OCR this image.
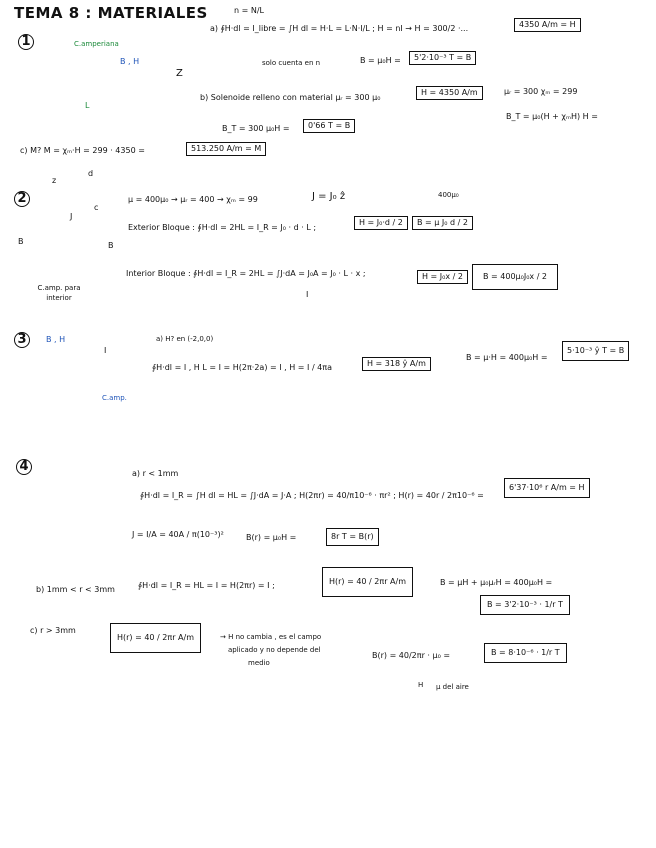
TEMA 8 : MATERIALES
1	C.amperiana
B , H
Z
L
n = N/L
a) ∮H·dl = I_libre = ∫H dl = H·L = L·N·I/L ; H = nI → H = 300/2 ·...	4350 A/m = H
solo cuenta en n	B = μ₀H =	5'2·10⁻³ T = B
b) Solenoide relleno con material μᵣ = 300 μ₀
H = 4350 A/m	μᵣ = 300 χₘ = 299
B_T = μ₀(H + χₘH) H =
B_T = 300 μ₀H =	0'66 T = B
c) M? M = χₘ·H = 299 · 4350 =	513.250 A/m = M
2
z
d
c
J
B	B
C.amp. para interior
μ = 400μ₀ → μᵣ = 400 → χₘ = 99	J = J₀ ẑ	400μ₀
Exterior Bloque : ∮H·dl = 2HL = I_R = J₀ · d · L ;
H = J₀·d / 2	B = μ J₀ d / 2
Interior Bloque : ∮H·dl = I_R = 2HL = ∫J·dA = J₀A = J₀ · L · x ;
I
H = J₀x / 2	B = 400μ₀J₀x / 2
3	B , H
I
C.amp.
a) H? en (-2,0,0)
∮H·dl = I , H L = I = H(2π·2a) = I , H = I / 4πa	H = 318 ŷ A/m
B = μ·H = 400μ₀H =
5·10⁻³ ŷ T = B
4	a) r < 1mm
∮H·dl = I_R = ∫H dl = HL = ∫J·dA = J·A ; H(2πr) = 40/π10⁻⁶ · πr² ; H(r) = 40r / 2π10⁻⁶ =
6'37·10⁶ r A/m = H
J = I/A = 40A / π(10⁻³)²	B(r) = μ₀H =	8r T = B(r)
b) 1mm < r < 3mm	∮H·dl = I_R = HL = I = H(2πr) = I ;	H(r) = 40 / 2πr A/m	B = μH + μ₀μᵣH = 400μ₀H =
B = 3'2·10⁻³ · 1/r T
c) r > 3mm
H(r) = 40 / 2πr A/m	→ H no cambia , es el campo
aplicado y no depende del
medio
B(r) = 40/2πr · μ₀ =	B = 8·10⁻⁶ · 1/r T
H μ del aire
